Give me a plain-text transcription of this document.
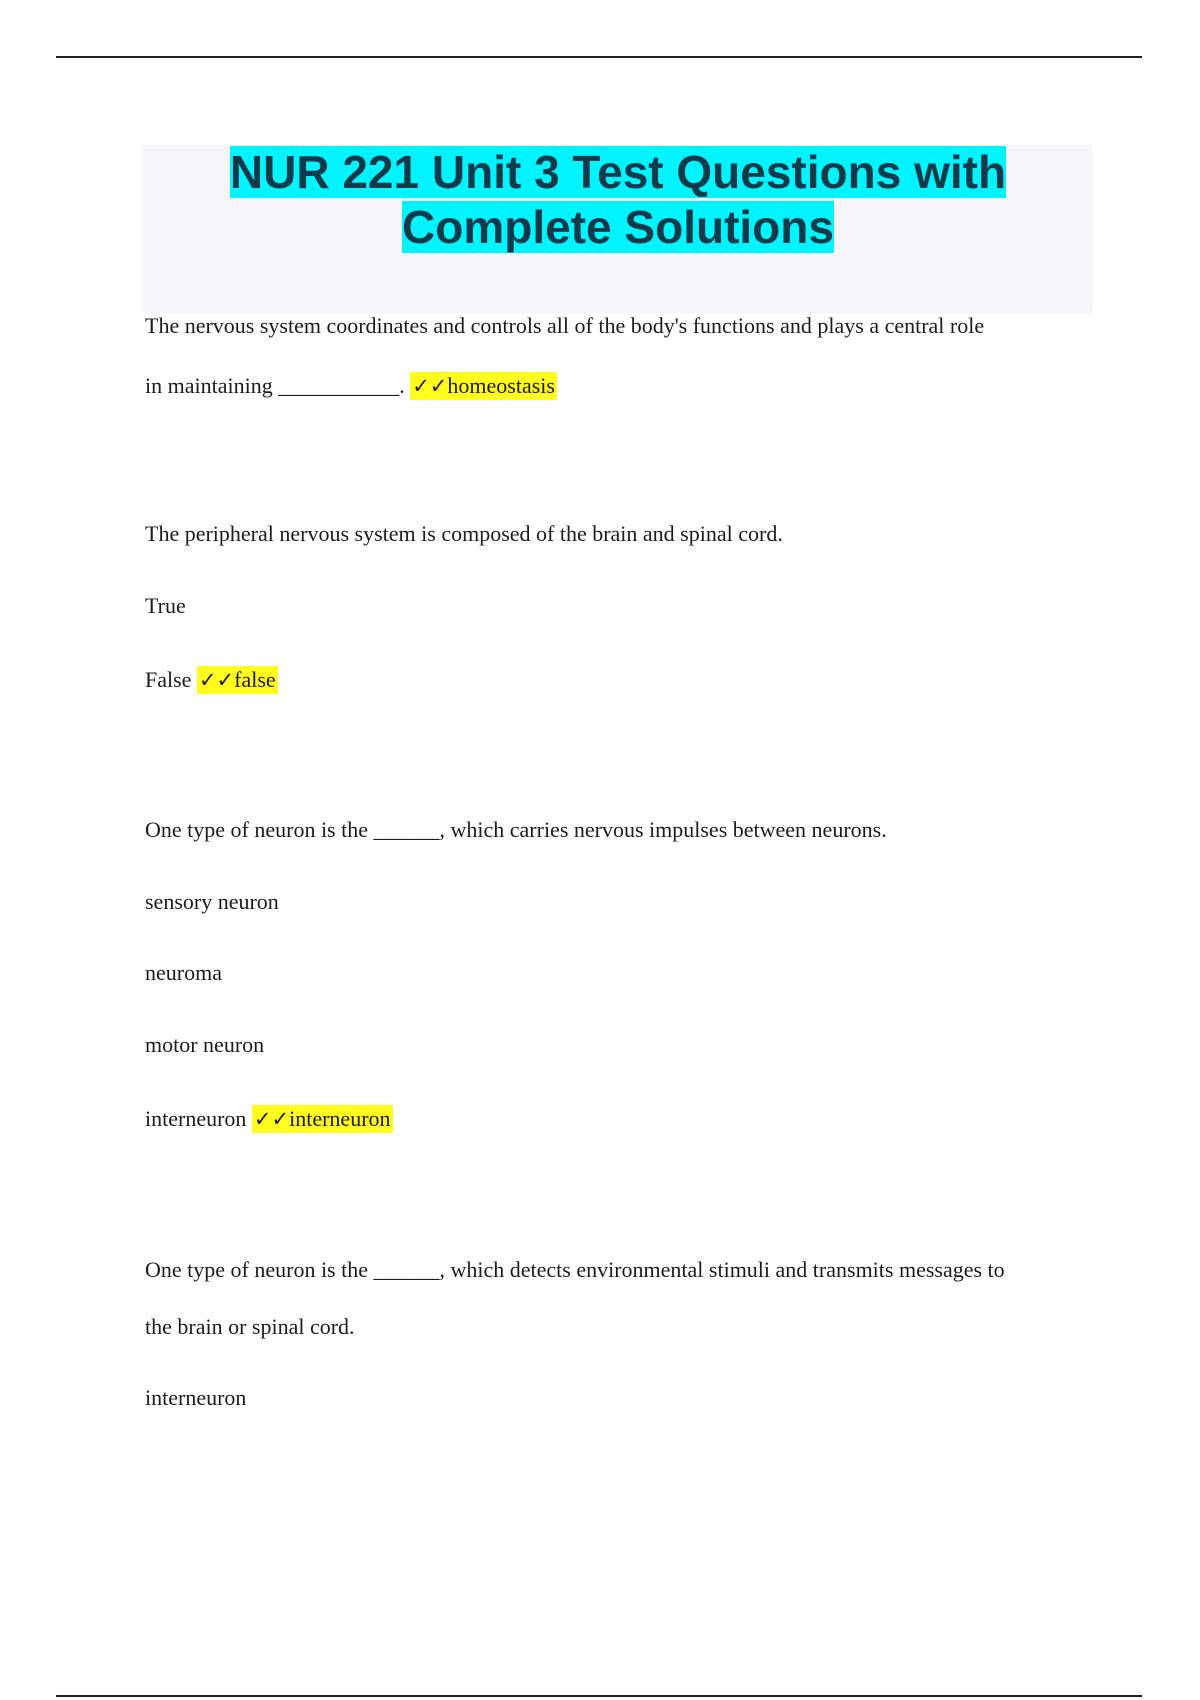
NUR 221 Unit 3 Test Questions with Complete Solutions
The nervous system coordinates and controls all of the body's functions and plays a central role
in maintaining ___________. ✓✓homeostasis
The peripheral nervous system is composed of the brain and spinal cord.
True
False ✓✓false
One type of neuron is the ______, which carries nervous impulses between neurons.
sensory neuron
neuroma
motor neuron
interneuron ✓✓interneuron
One type of neuron is the ______, which detects environmental stimuli and transmits messages to
the brain or spinal cord.
interneuron
